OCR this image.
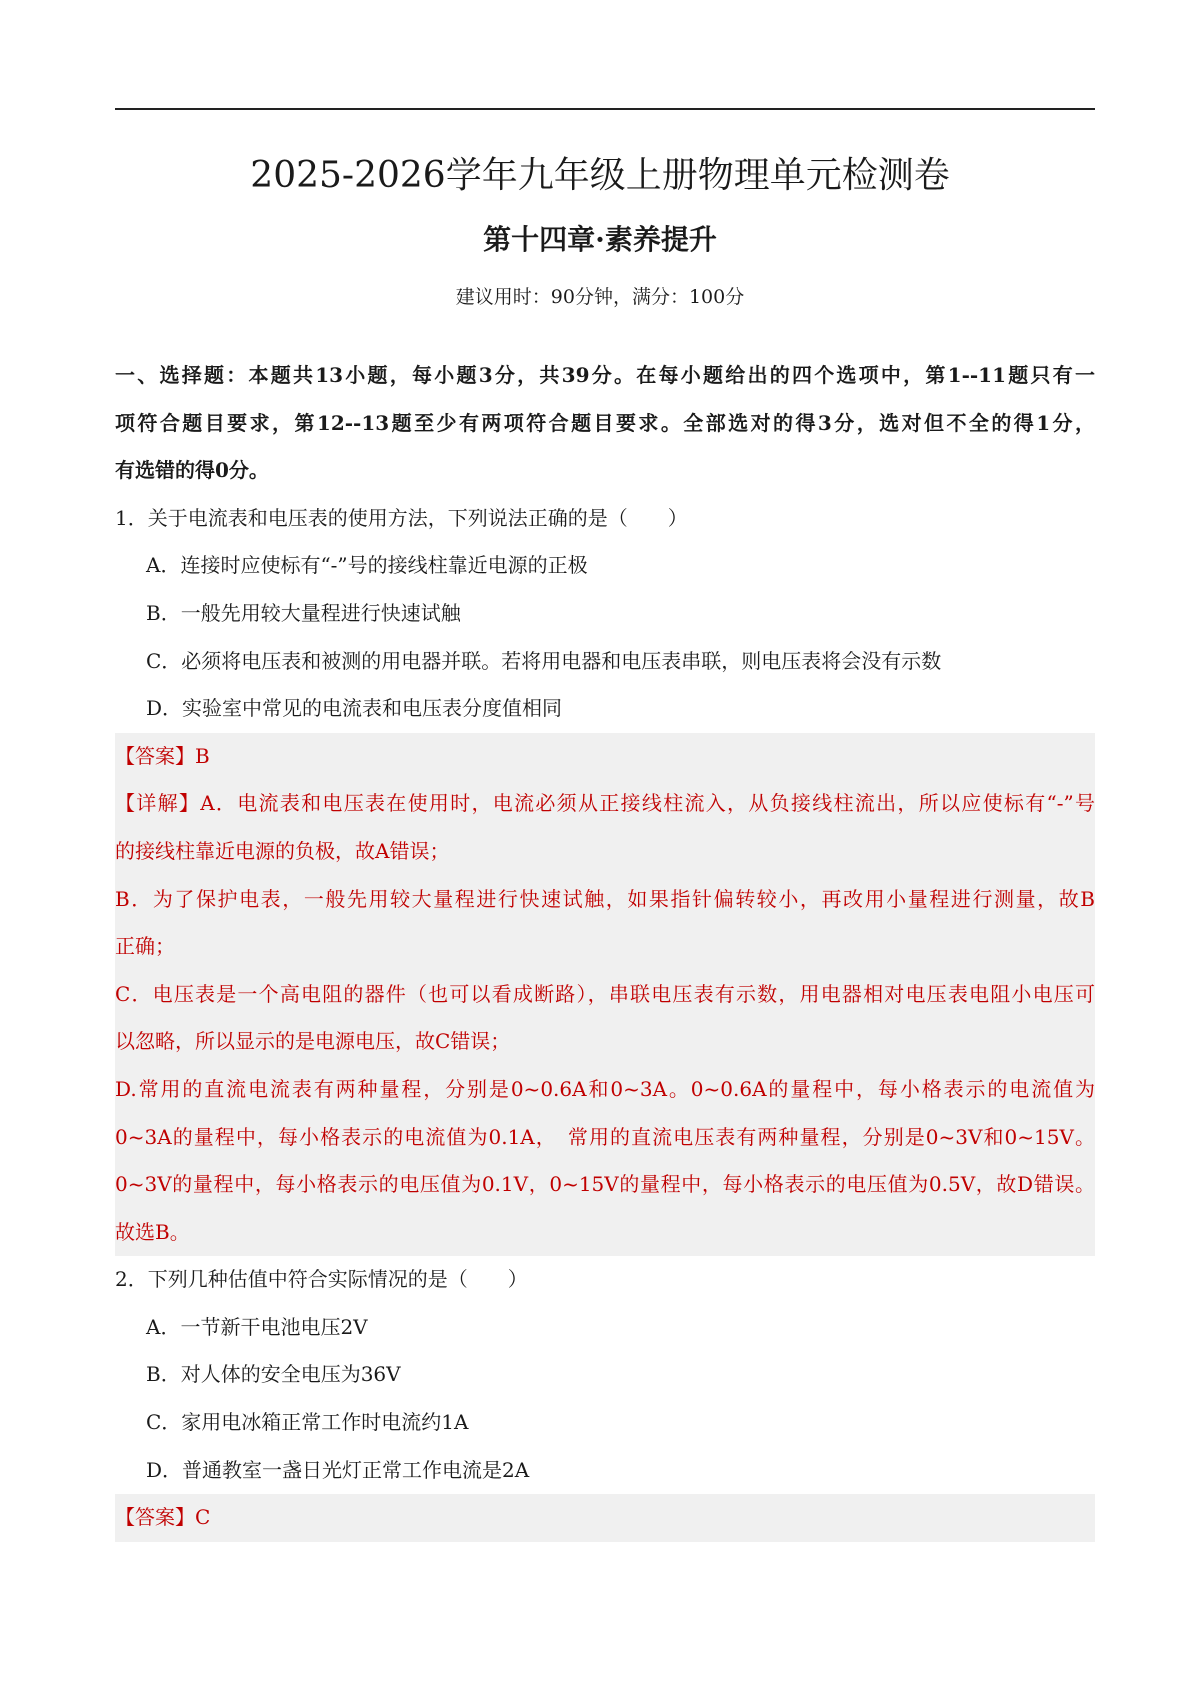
2025-2026学年九年级上册物理单元检测卷
第十四章·素养提升
建议用时：90分钟，满分：100分
一、选择题：本题共13小题，每小题3分，共39分。在每小题给出的四个选项中，第1--11题只有一
项符合题目要求，第12--13题至少有两项符合题目要求。全部选对的得3分，选对但不全的得1分，
有选错的得0分。
1．关于电流表和电压表的使用方法，下列说法正确的是（　　）
A．连接时应使标有“-”号的接线柱靠近电源的正极
B．一般先用较大量程进行快速试触
C．必须将电压表和被测的用电器并联。若将用电器和电压表串联，则电压表将会没有示数
D．实验室中常见的电流表和电压表分度值相同
【答案】B
【详解】A．电流表和电压表在使用时，电流必须从正接线柱流入，从负接线柱流出，所以应使标有“-”号
的接线柱靠近电源的负极，故A错误；
B．为了保护电表，一般先用较大量程进行快速试触，如果指针偏转较小，再改用小量程进行测量，故B
正确；
C．电压表是一个高电阻的器件（也可以看成断路），串联电压表有示数，用电器相对电压表电阻小电压可
以忽略，所以显示的是电源电压，故C错误；
D.常用的直流电流表有两种量程，分别是0~0.6A和0~3A。0~0.6A的量程中，每小格表示的电流值为
0~3A的量程中，每小格表示的电流值为0.1A，　常用的直流电压表有两种量程，分别是0~3V和0~15V。
0~3V的量程中，每小格表示的电压值为0.1V，0~15V的量程中，每小格表示的电压值为0.5V，故D错误。
故选B。
2．下列几种估值中符合实际情况的是（　　）
A．一节新干电池电压2V
B．对人体的安全电压为36V
C．家用电冰箱正常工作时电流约1A
D．普通教室一盏日光灯正常工作电流是2A
【答案】C
